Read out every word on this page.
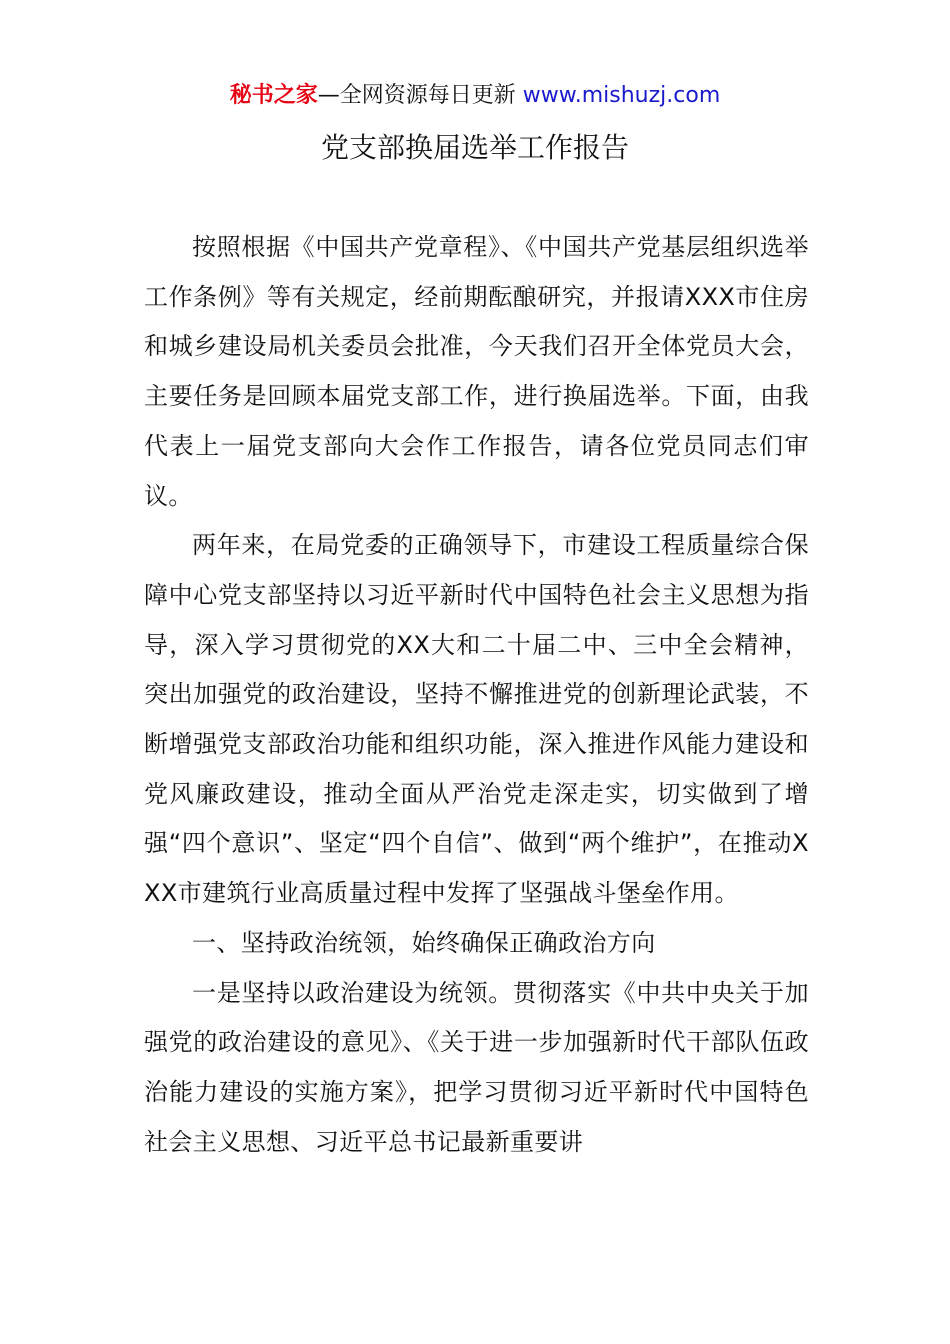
秘书之家—全网资源每日更新 www.mishuzj.com
党支部换届选举工作报告

按照根据《中国共产党章程》、《中国共产党基层组织选举工作条例》等有关规定，经前期酝酿研究，并报请XXX市住房和城乡建设局机关委员会批准，今天我们召开全体党员大会，主要任务是回顾本届党支部工作，进行换届选举。下面，由我代表上一届党支部向大会作工作报告，请各位党员同志们审议。

两年来，在局党委的正确领导下，市建设工程质量综合保障中心党支部坚持以习近平新时代中国特色社会主义思想为指导，深入学习贯彻党的XX大和二十届二中、三中全会精神，突出加强党的政治建设，坚持不懈推进党的创新理论武装，不断增强党支部政治功能和组织功能，深入推进作风能力建设和党风廉政建设，推动全面从严治党走深走实，切实做到了增强“四个意识”、坚定“四个自信”、做到“两个维护”，在推动XXX市建筑行业高质量过程中发挥了坚强战斗堡垒作用。

一、坚持政治统领，始终确保正确政治方向

一是坚持以政治建设为统领。贯彻落实《中共中央关于加强党的政治建设的意见》、《关于进一步加强新时代干部队伍政治能力建设的实施方案》，把学习贯彻习近平新时代中国特色社会主义思想、习近平总书记最新重要讲
